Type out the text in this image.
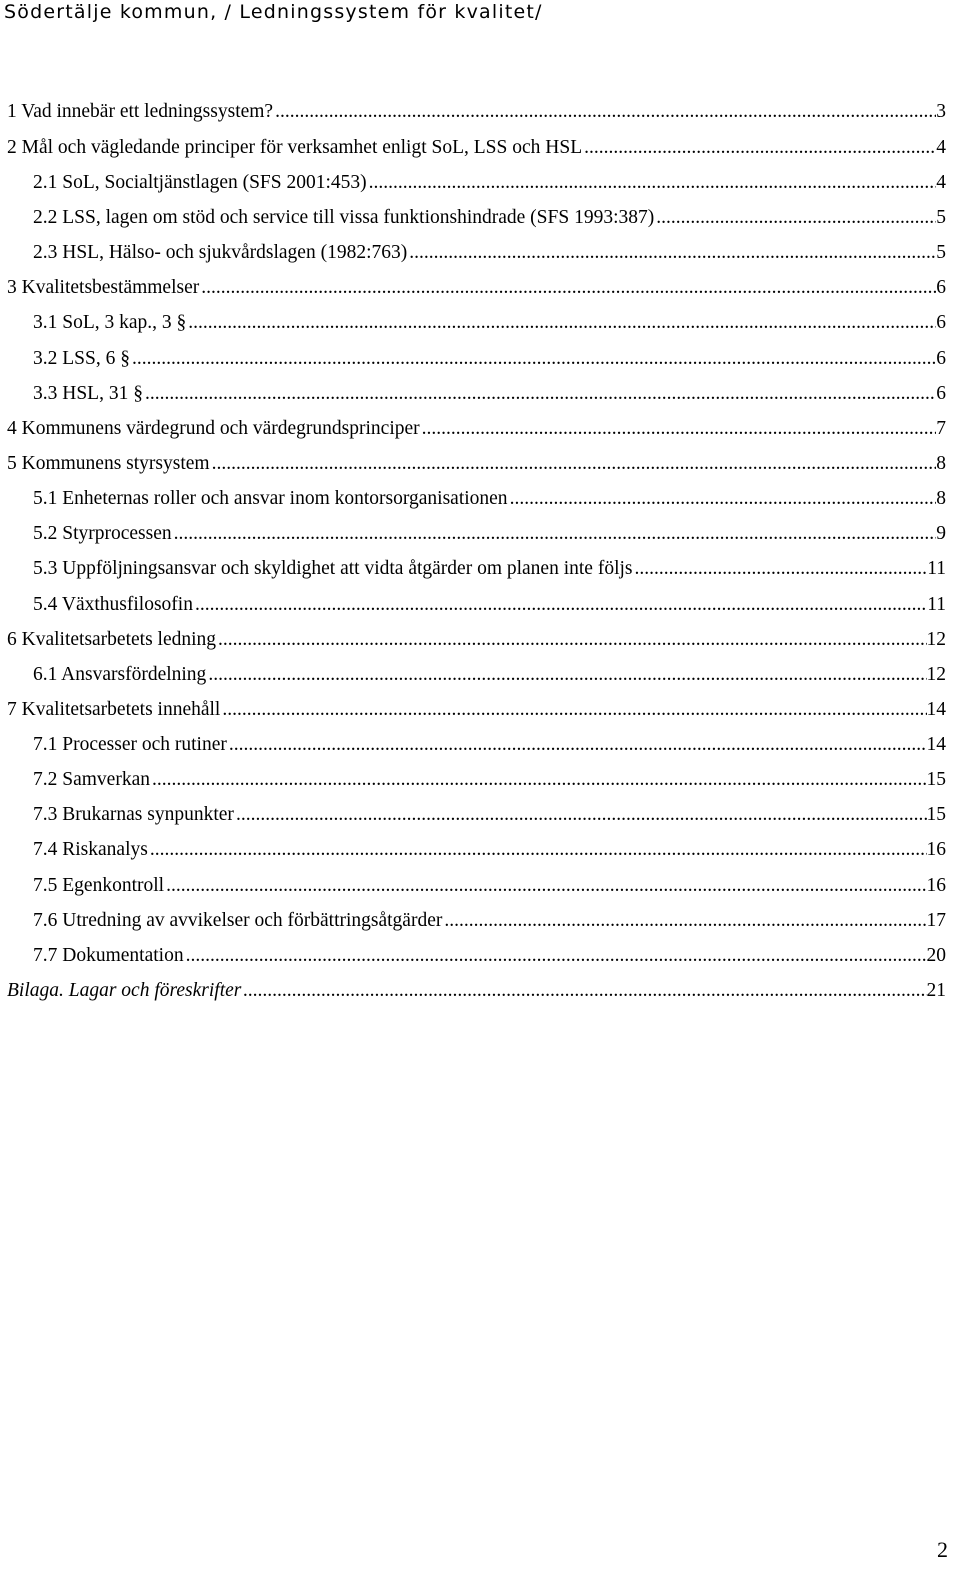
Södertälje kommun, / Ledningssystem för kvalitet/
1 Vad innebär ett ledningssystem? .....	3
2 Mål och vägledande principer för verksamhet enligt SoL, LSS och HSL .....	4
2.1 SoL, Socialtjänstlagen (SFS 2001:453) .....	4
2.2 LSS, lagen om stöd och service till vissa funktionshindrade (SFS 1993:387) .....	5
2.3 HSL, Hälso- och sjukvårdslagen (1982:763) .....	5
3 Kvalitetsbestämmelser .....	6
3.1 SoL, 3 kap., 3 § .....	6
3.2 LSS, 6 § .....	6
3.3 HSL, 31 § .....	6
4 Kommunens värdegrund och värdegrundsprinciper .....	7
5 Kommunens styrsystem .....	8
5.1 Enheternas roller och ansvar inom kontorsorganisationen .....	8
5.2 Styrprocessen .....	9
5.3 Uppföljningsansvar och skyldighet att vidta åtgärder om planen inte följs .....	11
5.4 Växthusfilosofin .....	11
6 Kvalitetsarbetets ledning .....	12
6.1 Ansvarsfördelning .....	12
7 Kvalitetsarbetets innehåll .....	14
7.1 Processer och rutiner .....	14
7.2 Samverkan .....	15
7.3 Brukarnas synpunkter .....	15
7.4 Riskanalys .....	16
7.5 Egenkontroll .....	16
7.6 Utredning av avvikelser och förbättringsåtgärder .....	17
7.7 Dokumentation .....	20
Bilaga. Lagar och föreskrifter .....	21
2
